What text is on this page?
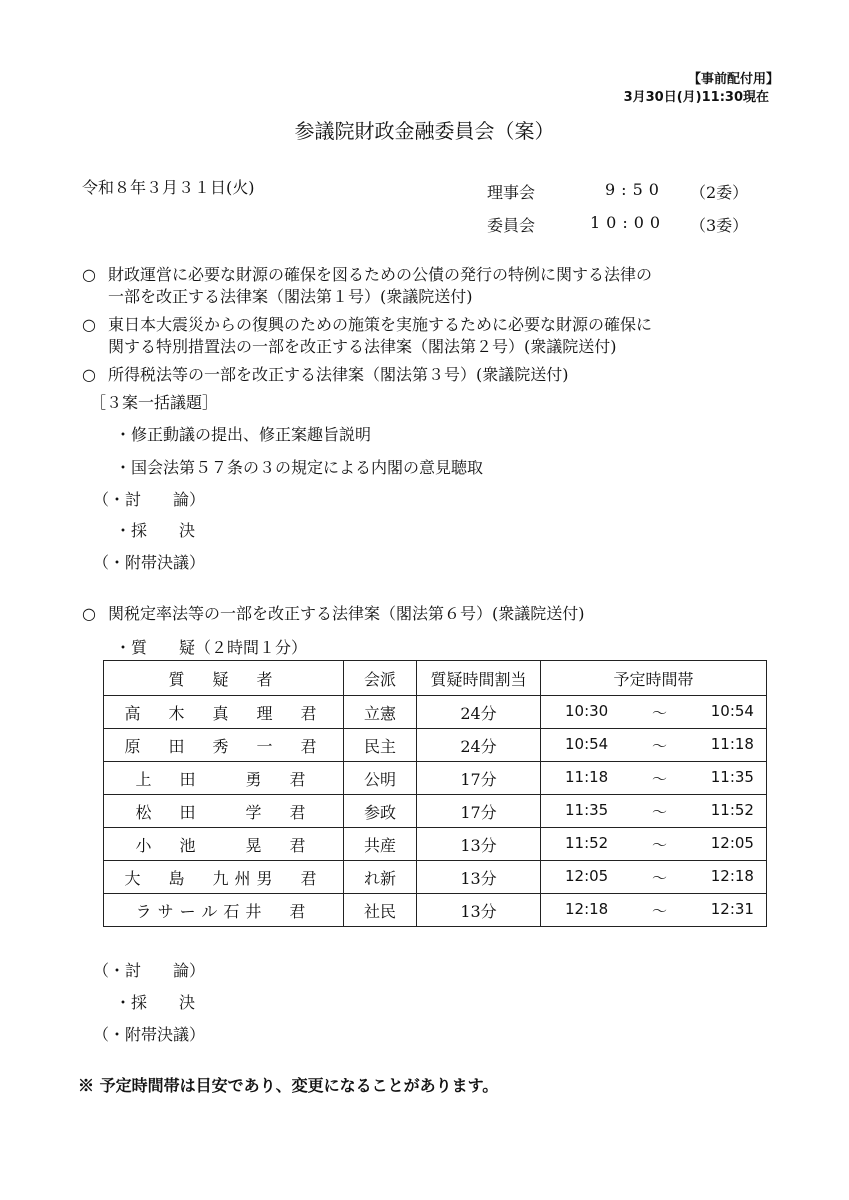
【事前配付用】
3月30日(月)11:30現在
参議院財政金融委員会（案）
令和８年３月３１日(火)	理事会	9:50 （2委）
委員会	10:00 （3委）
○ 財政運営に必要な財源の確保を図るための公債の発行の特例に関する法律の
一部を改正する法律案（閣法第１号）(衆議院送付)
○ 東日本大震災からの復興のための施策を実施するために必要な財源の確保に
関する特別措置法の一部を改正する法律案（閣法第２号）(衆議院送付)
○ 所得税法等の一部を改正する法律案（閣法第３号）(衆議院送付)
［３案一括議題］
・修正動議の提出、修正案趣旨説明
・国会法第５７条の３の規定による内閣の意見聴取
（・討　　論）
・採　　決
（・附帯決議）
○ 関税定率法等の一部を改正する法律案（閣法第６号）(衆議院送付)
・質　　疑（２時間１分）
質　疑　者	会派	質疑時間割当	予定時間帯
高　木　真　理　君	立憲	24分	10:30 ～ 10:54

原　田　秀　一　君	民主	24分	10:54 ～ 11:18

上　田　　勇　君	公明	17分	11:18 ～ 11:35

松　田　　学　君	参政	17分	11:35 ～ 11:52

小　池　　晃　君	共産	13分	11:52 ～ 12:05

大　島　九州男　君	れ新	13分	12:05 ～ 12:18

ラサール石井　君	社民	13分	12:18 ～ 12:31
（・討　　論）
・採　　決
（・附帯決議）
※ 予定時間帯は目安であり、変更になることがあります。
